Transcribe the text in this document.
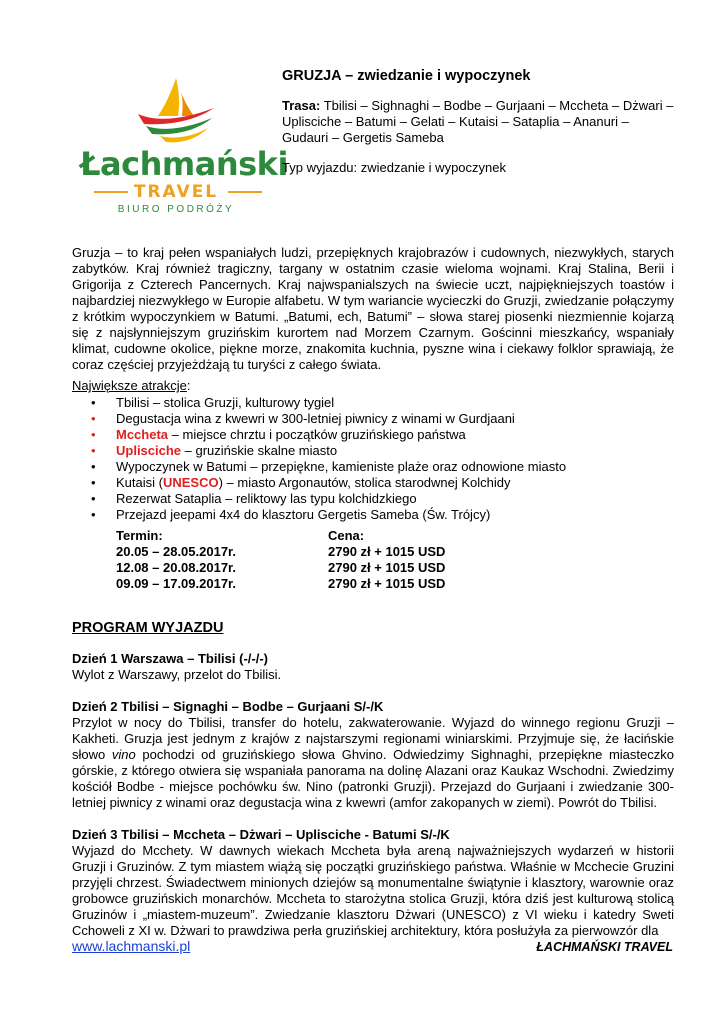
Łachmański
TRAVEL
BIURO PODRÓŻY

GRUZJA – zwiedzanie i wypoczynek

Trasa: Tbilisi – Sighnaghi – Bodbe – Gurjaani – Mccheta – Dżwari – Uplisciche – Batumi – Gelati – Kutaisi – Sataplia – Ananuri – Gudauri – Gergetis Sameba

Typ wyjazdu: zwiedzanie i wypoczynek

Gruzja – to kraj pełen wspaniałych ludzi, przepięknych krajobrazów i cudownych, niezwykłych, starych zabytków. Kraj również tragiczny, targany w ostatnim czasie wieloma wojnami. Kraj Stalina, Berii i Grigorija z Czterech Pancernych. Kraj najwspanialszych na świecie uczt, najpiękniejszych toastów i najbardziej niezwykłego w Europie alfabetu. W tym wariancie wycieczki do Gruzji, zwiedzanie połączymy z krótkim wypoczynkiem w Batumi. „Batumi, ech, Batumi” – słowa starej piosenki niezmiennie kojarzą się z najsłynniejszym gruzińskim kurortem nad Morzem Czarnym. Gościnni mieszkańcy, wspaniały klimat, cudowne okolice, piękne morze, znakomita kuchnia, pyszne wina i ciekawy folklor sprawiają, że coraz częściej przyjeżdżają tu turyści z całego świata.

Największe atrakcje:

• Tbilisi – stolica Gruzji, kulturowy tygiel
• Degustacja wina z kwewri w 300-letniej piwnicy z winami w Gurdjaani
• Mccheta – miejsce chrztu i początków gruzińskiego państwa
• Uplisciche – gruzińskie skalne miasto
• Wypoczynek w Batumi – przepiękne, kamieniste plaże oraz odnowione miasto
• Kutaisi (UNESCO) – miasto Argonautów, stolica starodwnej Kolchidy
• Rezerwat Sataplia – reliktowy las typu kolchidzkiego
• Przejazd jeepami 4x4 do klasztoru Gergetis Sameba (Św. Trójcy)
Termin:
20.05 – 28.05.2017r.
12.08 – 20.08.2017r.
09.09 – 17.09.2017r.
Cena:
2790 zł + 1015 USD
2790 zł + 1015 USD
2790 zł + 1015 USD
PROGRAM WYJAZDU

Dzień 1 Warszawa – Tbilisi (-/-/-)

Wylot z Warszawy, przelot do Tbilisi.

Dzień 2 Tbilisi – Signaghi – Bodbe – Gurjaani S/-/K

Przylot w nocy do Tbilisi, transfer do hotelu, zakwaterowanie. Wyjazd do winnego regionu Gruzji – Kakheti. Gruzja jest jednym z krajów z najstarszymi regionami winiarskimi. Przyjmuje się, że łacińskie słowo vino pochodzi od gruzińskiego słowa Ghvino. Odwiedzimy Sighnaghi, przepiękne miasteczko górskie, z którego otwiera się wspaniała panorama na dolinę Alazani oraz Kaukaz Wschodni. Zwiedzimy kościół Bodbe - miejsce pochówku św. Nino (patronki Gruzji). Przejazd do Gurjaani i zwiedzanie 300-letniej piwnicy z winami oraz degustacja wina z kwewri (amfor zakopanych w ziemi). Powrót do Tbilisi.

Dzień 3 Tbilisi – Mccheta – Dżwari – Uplisciche - Batumi S/-/K

Wyjazd do Mcchety. W dawnych wiekach Mccheta była areną najważniejszych wydarzeń w historii Gruzji i Gruzinów. Z tym miastem wiążą się początki gruzińskiego państwa. Właśnie w Mcchecie Gruzini przyjęli chrzest. Świadectwem minionych dziejów są monumentalne świątynie i klasztory, warownie oraz grobowce gruzińskich monarchów. Mccheta to starożytna stolica Gruzji, która dziś jest kulturową stolicą Gruzinów i „miastem-muzeum”. Zwiedzanie klasztoru Dżwari (UNESCO) z VI wieku i katedry Sweti Cchoweli z XI w. Dżwari to prawdziwa perła gruzińskiej architektury, która posłużyła za pierwowzór dla

www.lachmanski.pl	ŁACHMAŃSKI TRAVEL
